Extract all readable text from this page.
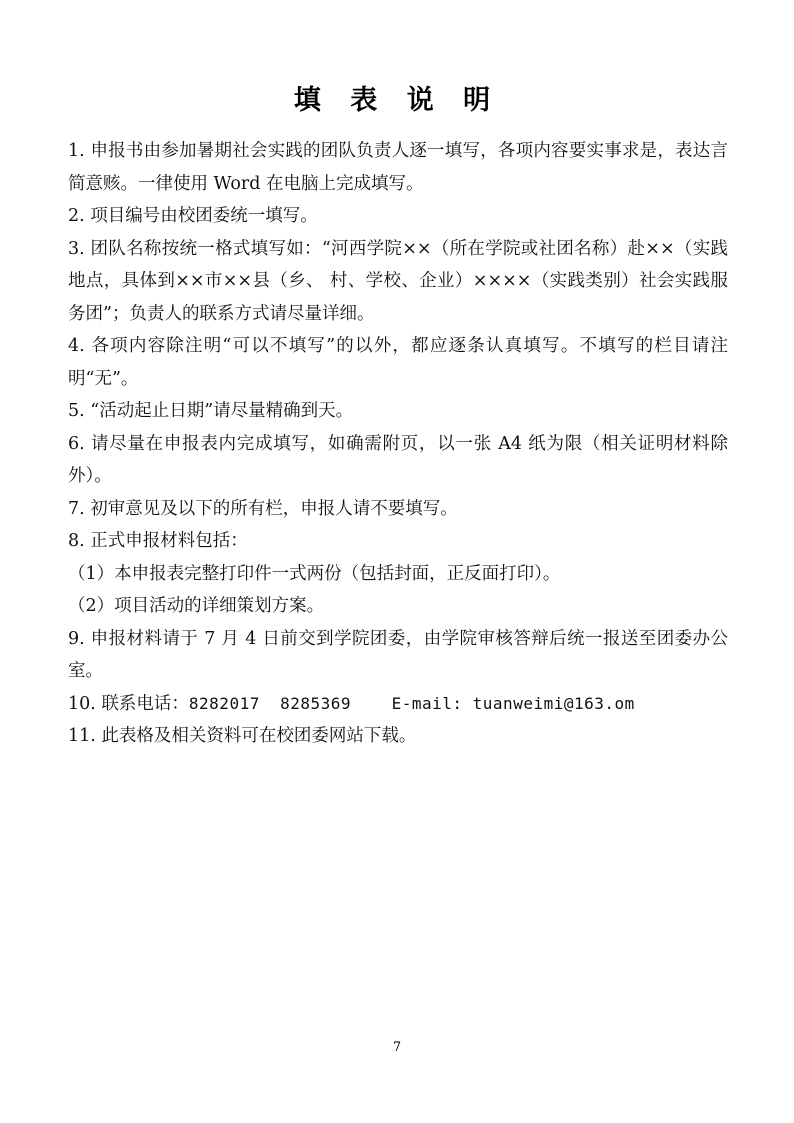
填 表 说 明

1. 申报书由参加暑期社会实践的团队负责人逐一填写，各项内容要实事求是，表达言简意赅。一律使用 Word 在电脑上完成填写。

2. 项目编号由校团委统一填写。

3. 团队名称按统一格式填写如：“河西学院××（所在学院或社团名称）赴××（实践地点，具体到××市××县（乡、 村、学校、企业）××××（实践类别）社会实践服务团”；负责人的联系方式请尽量详细。

4. 各项内容除注明“可以不填写”的以外，都应逐条认真填写。不填写的栏目请注明“无”。

5. “活动起止日期”请尽量精确到天。

6. 请尽量在申报表内完成填写，如确需附页，以一张 A4 纸为限（相关证明材料除外）。

7. 初审意见及以下的所有栏，申报人请不要填写。

8. 正式申报材料包括：

（1）本申报表完整打印件一式两份（包括封面，正反面打印）。

（2）项目活动的详细策划方案。

9. 申报材料请于 7 月 4 日前交到学院团委，由学院审核答辩后统一报送至团委办公室。

10. 联系电话：8282017 8285369	E-mail: tuanweimi@163.om

11. 此表格及相关资料可在校团委网站下载。

7
